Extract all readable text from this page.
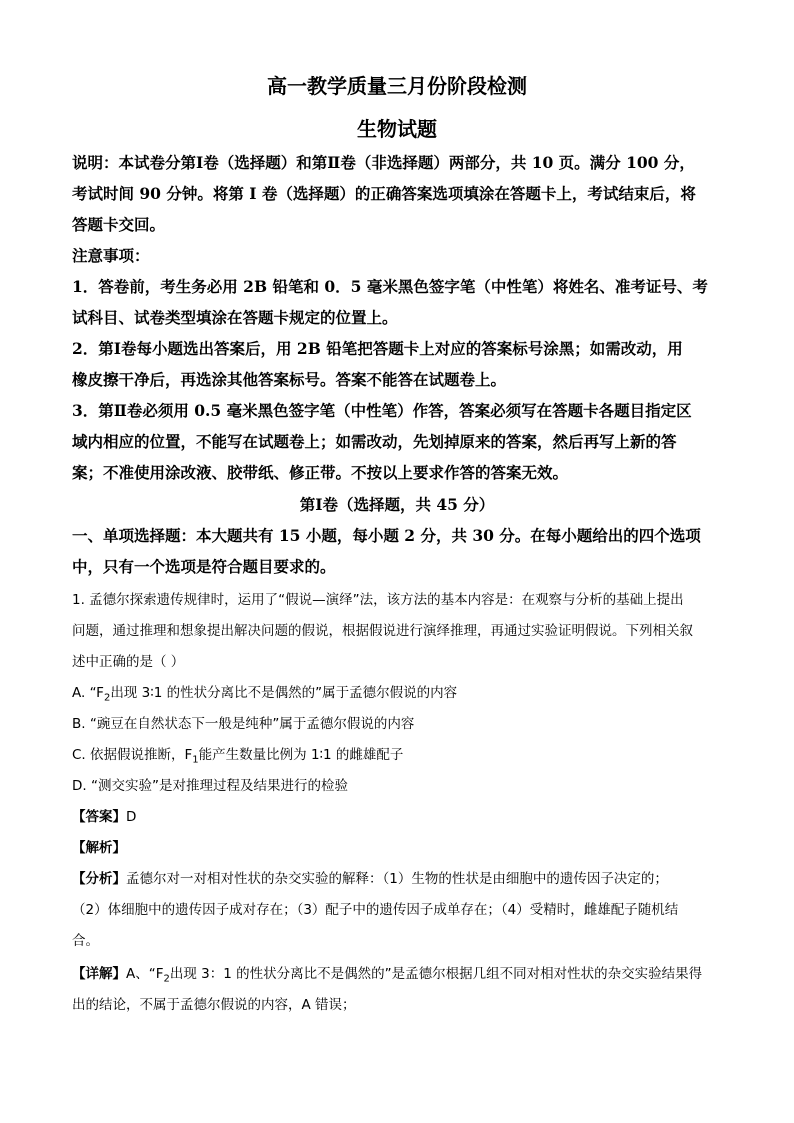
高一教学质量三月份阶段检测
生物试题
说明：本试卷分第Ⅰ卷（选择题）和第Ⅱ卷（非选择题）两部分，共 10 页。满分 100 分，
考试时间 90 分钟。将第 Ⅰ 卷（选择题）的正确答案选项填涂在答题卡上，考试结束后，将
答题卡交回。
注意事项：
1．答卷前，考生务必用 2B 铅笔和 0．5 毫米黑色签字笔（中性笔）将姓名、准考证号、考
试科目、试卷类型填涂在答题卡规定的位置上。
2．第Ⅰ卷每小题选出答案后，用 2B 铅笔把答题卡上对应的答案标号涂黑；如需改动，用
橡皮擦干净后，再选涂其他答案标号。答案不能答在试题卷上。
3．第Ⅱ卷必须用 0.5 毫米黑色签字笔（中性笔）作答，答案必须写在答题卡各题目指定区
域内相应的位置，不能写在试题卷上；如需改动，先划掉原来的答案，然后再写上新的答
案；不准使用涂改液、胶带纸、修正带。不按以上要求作答的答案无效。
第Ⅰ卷（选择题，共 45 分）
一、单项选择题：本大题共有 15 小题，每小题 2 分，共 30 分。在每小题给出的四个选项
中，只有一个选项是符合题目要求的。
1. 孟德尔探索遗传规律时，运用了“假说—演绎”法，该方法的基本内容是：在观察与分析的基础上提出
问题，通过推理和想象提出解决问题的假说，根据假说进行演绎推理，再通过实验证明假说。下列相关叙
述中正确的是（ ）
A. “$F_2$出现 3∶1 的性状分离比不是偶然的”属于孟德尔假说的内容
B. “豌豆在自然状态下一般是纯种”属于孟德尔假说的内容
C. 依据假说推断，$F_1$能产生数量比例为 1∶1 的雌雄配子
D. “测交实验”是对推理过程及结果进行的检验
【答案】D
【解析】
【分析】孟德尔对一对相对性状的杂交实验的解释：（1）生物的性状是由细胞中的遗传因子决定的；
（2）体细胞中的遗传因子成对存在；（3）配子中的遗传因子成单存在；（4）受精时，雌雄配子随机结
合。
【详解】A、“$F_2$出现 3：1 的性状分离比不是偶然的”是孟德尔根据几组不同对相对性状的杂交实验结果得
出的结论，不属于孟德尔假说的内容，A 错误；
